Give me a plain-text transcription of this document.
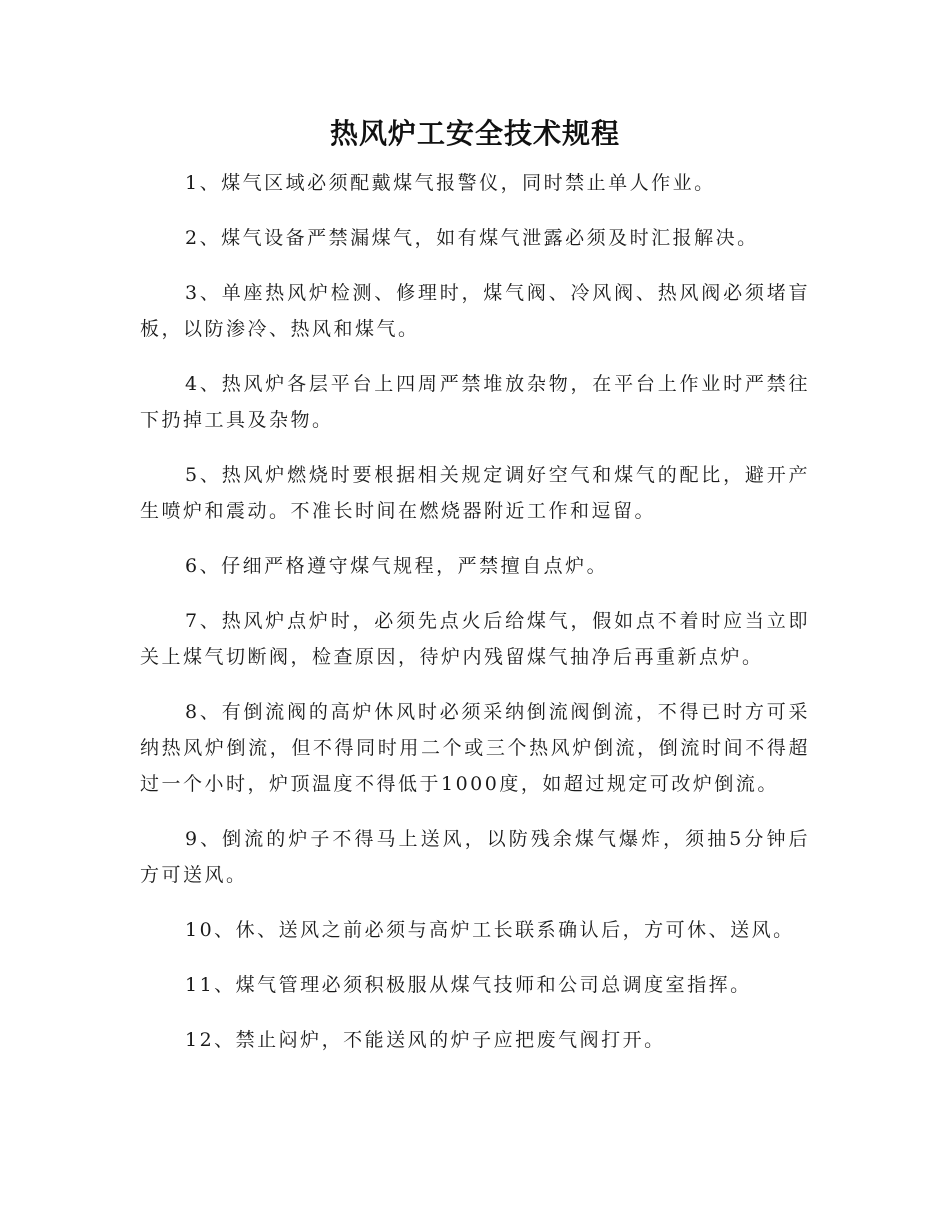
热风炉工安全技术规程

1、煤气区域必须配戴煤气报警仪，同时禁止单人作业。

2、煤气设备严禁漏煤气，如有煤气泄露必须及时汇报解决。

3、单座热风炉检测、修理时，煤气阀、冷风阀、热风阀必须堵盲板，以防渗冷、热风和煤气。

4、热风炉各层平台上四周严禁堆放杂物，在平台上作业时严禁往下扔掉工具及杂物。

5、热风炉燃烧时要根据相关规定调好空气和煤气的配比，避开产生喷炉和震动。不准长时间在燃烧器附近工作和逗留。

6、仔细严格遵守煤气规程，严禁擅自点炉。

7、热风炉点炉时，必须先点火后给煤气，假如点不着时应当立即关上煤气切断阀，检查原因，待炉内残留煤气抽净后再重新点炉。

8、有倒流阀的高炉休风时必须采纳倒流阀倒流，不得已时方可采纳热风炉倒流，但不得同时用二个或三个热风炉倒流，倒流时间不得超过一个小时，炉顶温度不得低于1000度，如超过规定可改炉倒流。

9、倒流的炉子不得马上送风，以防残余煤气爆炸，须抽5分钟后方可送风。

10、休、送风之前必须与高炉工长联系确认后，方可休、送风。

11、煤气管理必须积极服从煤气技师和公司总调度室指挥。

12、禁止闷炉，不能送风的炉子应把废气阀打开。
